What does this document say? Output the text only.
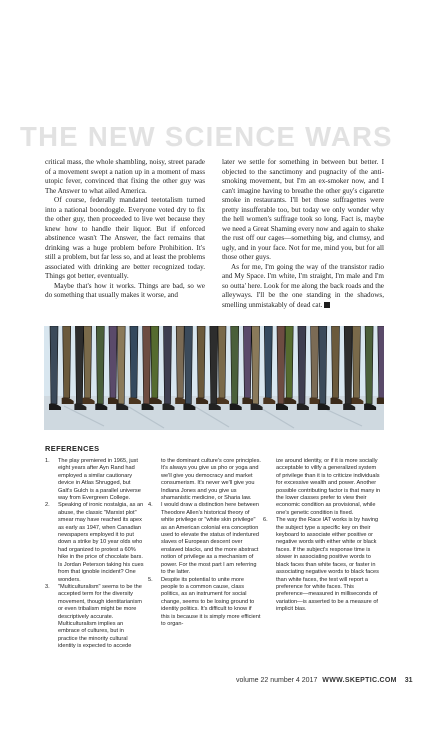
THE NEW SCIENCE WARS

critical mass, the whole shambling, noisy, street parade of a movement swept a nation up in a moment of mass utopic fever, convinced that fixing the other guy was The Answer to what ailed America.

Of course, federally mandated teetotalism turned into a national boondoggle. Everyone voted dry to fix the other guy, then proceeded to live wet because they knew how to handle their liquor. But if enforced abstinence wasn't The Answer, the fact remains that drinking was a huge problem before Prohibition. It's still a problem, but far less so, and at least the problems associated with drinking are better recognized today. Things got better, eventually.

Maybe that's how it works. Things are bad, so we do something that usually makes it worse, and

later we settle for something in between but better. I objected to the sanctimony and pugnacity of the anti-smoking movement, but I'm an ex-smoker now, and I can't imagine having to breathe the other guy's cigarette smoke in restaurants. I'll bet those suffragettes were pretty insufferable too, but today we only wonder why the hell women's suffrage took so long. Fact is, maybe we need a Great Shaming every now and again to shake the rust off our cages—something big, and clumsy, and ugly, and in your face. Not for me, mind you, but for all those other guys.

As for me, I'm going the way of the transistor radio and My Space. I'm white, I'm straight, I'm male and I'm so outta' here. Look for me along the back roads and the alleyways. I'll be the one standing in the shadows, smelling unmistakably of dead cat. S

REFERENCES
1.	The play premiered in 1965, just eight years after Ayn Rand had employed a similar cautionary device in Atlas Shrugged, but Galt's Gulch is a parallel universe way from Evergreen College.
2.	Speaking of ironic nostalgia, as an abuse, the classic "Marxist plot" smear may have reached its apex as early as 1947, when Canadian newspapers employed it to put down a strike by 10 year olds who had organized to protest a 60% hike in the price of chocolate bars. Is Jordan Peterson taking his cues from that ignoble incident? One wonders.
3.	"Multiculturalism" seems to be the accepted term for the diversity movement, though identitarianism or even tribalism might be more descriptively accurate. Multiculturalism implies an embrace of cultures, but in practice the minority cultural identity is expected to accede
to the dominant culture's core principles. It's always you give us pho or yoga and we'll give you democracy and market consumerism. It's never we'll give you Indiana Jones and you give us shamanistic medicine, or Sharia law.
4.	I would draw a distinction here between Theodore Allen's historical theory of white privilege or "white skin privilege" as an American colonial era conception used to elevate the status of indentured slaves of European descent over enslaved blacks, and the more abstract notion of privilege as a mechanism of power. For the most part I am referring to the latter.
5.	Despite its potential to unite more people to a common cause, class politics, as an instrument for social change, seems to be losing ground to identity politics. It's difficult to know if this is because it is simply more efficient to organ-
ize around identity, or if it is more socially acceptable to vilify a generalized system of privilege than it is to criticize individuals for excessive wealth and power. Another possible contributing factor is that many in the lower classes prefer to view their economic condition as provisional, while one's genetic condition is fixed.
6.	The way the Race IAT works is by having the subject type a specific key on their keyboard to associate either positive or negative words with either white or black faces. If the subject's response time is slower in associating positive words to black faces than white faces, or faster in associating negative words to black faces than white faces, the test will report a preference for white faces. This preference—measured in milliseconds of variation—is asserted to be a measure of implicit bias.
volume 22 number 4 2017 WWW.SKEPTIC.COM 31
